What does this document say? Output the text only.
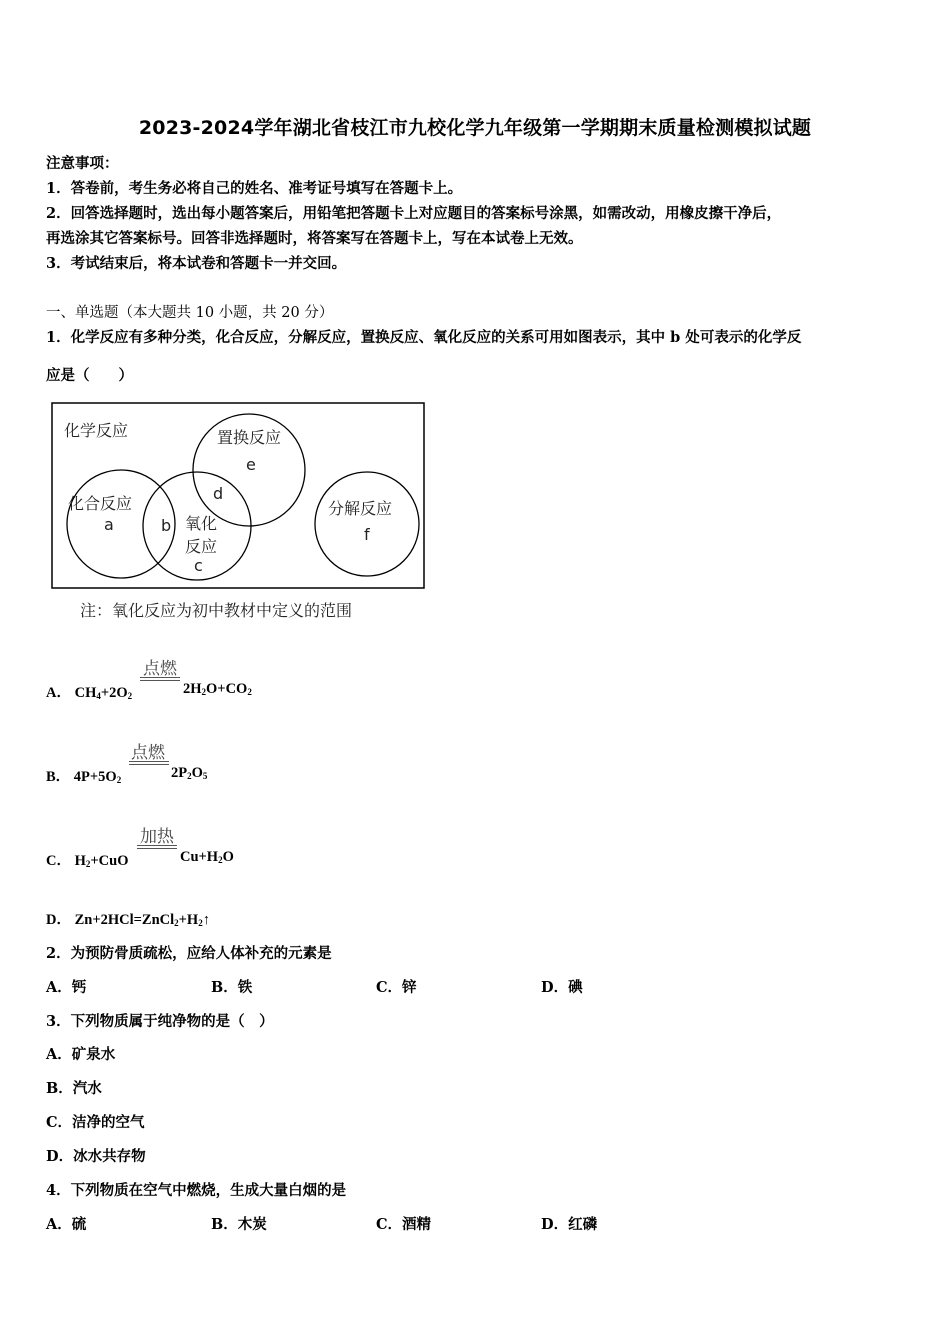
2023-2024学年湖北省枝江市九校化学九年级第一学期期末质量检测模拟试题
注意事项：
1．答卷前，考生务必将自己的姓名、准考证号填写在答题卡上。
2．回答选择题时，选出每小题答案后，用铅笔把答题卡上对应题目的答案标号涂黑，如需改动，用橡皮擦干净后，
再选涂其它答案标号。回答非选择题时，将答案写在答题卡上，写在本试卷上无效。
3．考试结束后，将本试卷和答题卡一并交回。
一、单选题（本大题共 10 小题，共 20 分）
1．化学反应有多种分类，化合反应，分解反应，置换反应、氧化反应的关系可用如图表示，其中 b 处可表示的化学反
应是（　　）
化学反应	置换反应
e
d
化合反应
a	b 氧化
反应
c
分解反应
f
注：氧化反应为初中教材中定义的范围
点燃
A． $CH_4+2O_2$	$2H_2O+CO_2$
点燃
B． $4P+5O_2$	$2P_2O_5$
加热
C． $H_2+CuO$	$Cu+H_2O$
D． $Zn+2HCl=ZnCl_2+H_2↑$
2．为预防骨质疏松，应给人体补充的元素是
A．钙	B．铁	C．锌	D．碘
3．下列物质属于纯净物的是（　）
A．矿泉水
B．汽水
C．洁净的空气
D．冰水共存物
4．下列物质在空气中燃烧，生成大量白烟的是
A．硫	B．木炭	C．酒精	D．红磷
